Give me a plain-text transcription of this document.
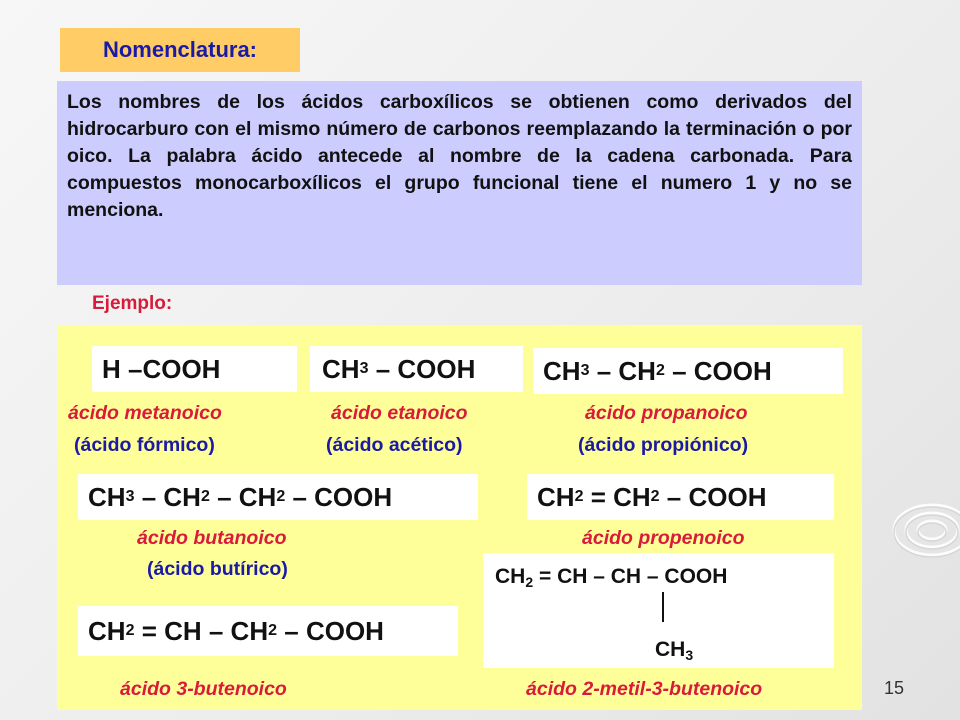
Nomenclatura:
Los nombres de los ácidos carboxílicos se obtienen como derivados del hidrocarburo con el mismo número de carbonos reemplazando la terminación o por oico. La palabra ácido antecede al nombre de la cadena carbonada. Para compuestos monocarboxílicos el grupo funcional tiene el numero 1 y no se menciona.
Ejemplo:
H –COOH	CH 3 – COOH	CH 3 – CH 2 – COOH
ácido metanoico
(ácido fórmico)
ácido etanoico
(ácido acético)
ácido propanoico
(ácido propiónico)
CH 3 – CH 2 – CH 2 – COOH	CH 2 = CH 2 – COOH
ácido butanoico
(ácido butírico)
ácido propenoico
$CH_2$ = CH – CH – COOH
$CH_3$
CH 2 = CH – CH 2 – COOH
ácido 3-butenoico	ácido 2-metil-3-butenoico	15
